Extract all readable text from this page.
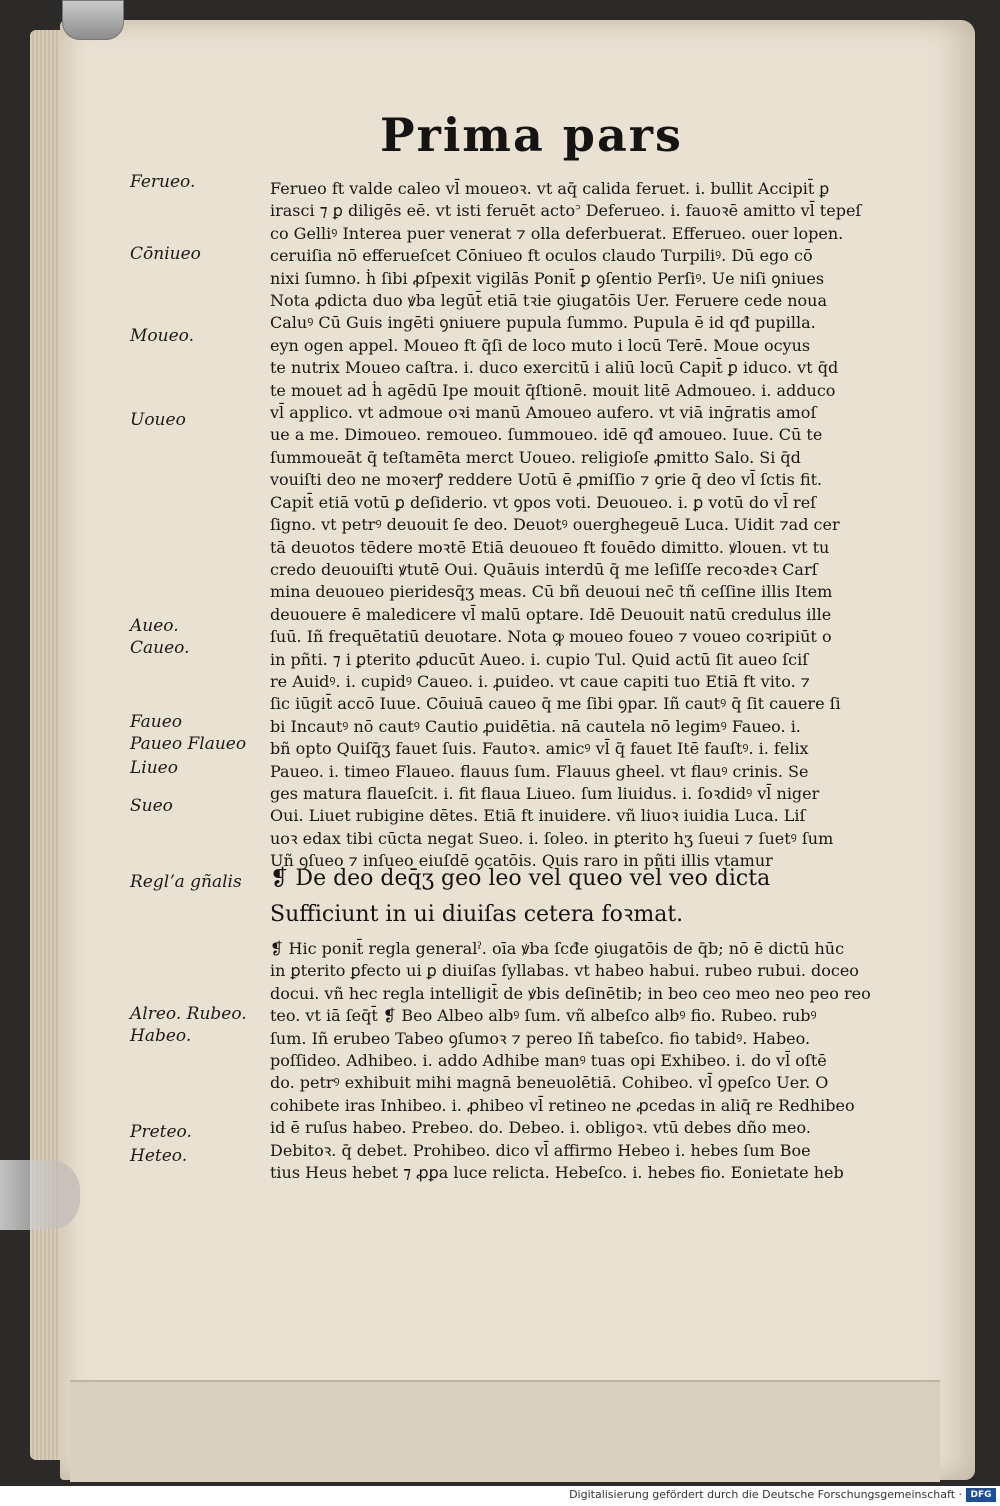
Prima pars
Ferueo.
Cōniueo
Moueo.
Uoueo
Aueo.
Caueo.
Faueo
Paueo Flaueo
Liueo
Sueo
Reglʼa gñalis
Alreo. Rubeo.
Habeo.
Preteo.
Heteo.
Ferueo ft valde caleo vl̄ moueoꝛ. vt aq̄ calida feruet. i. bullit Accipit̄ ꝑ
irasci ⁊ ꝑ diligēs eē. vt isti feruēt acto꜄ Deferueo. i. fauoꝛē amitto vl̄ tepeſ
co Gelliꝰ Interea puer venerat ⁊ olla deferbuerat. Efferueo. ouer lopen.
ceruiſia nō efferueſcet Cōniueo ft oculos claudo Turpiliꝰ. Dū ego cō
nixi ſumno. ḣ ſibi ꝓſpexit vigilās Ponit̄ ꝑ ꝯſentio Perſiꝰ. Ue niſi ꝯniues
Nota ꝓdicta duo ꝟba legūt̄ etiā tꝛie ꝯiugatōis Uer. Feruere cede noua
Caluꝰ Cū Guis ingēti ꝯniuere pupula ſummo. Pupula ē id qđ pupilla.
eyn ogen appel. Moueo ft q̄ſi de loco muto i locū Terē. Moue ocyus
te nutrix Moueo caſtra. i. duco exercitū i aliū locū Capit̄ ꝑ iduco. vt q̄d
te mouet ad ḣ agēdū Ipe mouit q̄ſtionē. mouit litē Admoueo. i. adduco
vl̄ applico. vt admoue oꝛi manū Amoueo aufero. vt viā inḡratis amoſ
ue a me. Dimoueo. remoueo. ſummoueo. idē qđ amoueo. Iuue. Cū te
ſummoueāt q̄ teſtamēta merct Uoueo. religioſe ꝓmitto Salo. Si q̄d
vouiſti deo ne moꝛerꝭ reddere Uotū ē ꝓmiſſio ⁊ ꝯrie q̄ deo vl̄ ſctis fit.
Capit̄ etiā votū ꝑ deſiderio. vt ꝯpos voti. Deuoueo. i. ꝑ votū do vl̄ reſ
ſigno. vt petrꝰ deuouit ſe deo. Deuotꝰ ouerghegeuē Luca. Uidit ⁊ad cer
tā deuotos tēdere moꝛtē Etiā deuoueo ft fouēdo dimitto. ꝟlouen. vt tu
credo deuouiſti ꝟtutē Oui. Quāuis interdū q̄ me leſiſſe recoꝛdeꝛ Carſ
mina deuoueo pieridesq̄ʒ meas. Cū bñ deuoui nec̄ tñ ceſſine illis Item
deuouere ē maledicere vl̄ malū optare. Idē Deuouit natū credulus ille
ſuū. Iñ frequētatiū deuotare. Nota ꝙ moueo foueo ⁊ voueo coꝛripiūt o
in pñti. ⁊ i ꝑterito ꝓducūt Aueo. i. cupio Tul. Quid actū ſit aueo ſciſ
re Auidꝰ. i. cupidꝰ Caueo. i. ꝓuideo. vt caue capiti tuo Etiā ft vito. ⁊
ſic iūgit̄ accō Iuue. Cōuiuā caueo q̄ me ſibi ꝯpar. Iñ cautꝰ q̄ ſit cauere ſi
bi Incautꝰ nō cautꝰ Cautio ꝓuidētia. nā cautela nō legimꝰ Faueo. i.
bñ opto Quiſq̄ʒ fauet ſuis. Fautoꝛ. amicꝰ vl̄ q̄ fauet Itē fauſtꝰ. i. felix
Paueo. i. timeo Flaueo. flauus ſum. Flauus gheel. vt flauꝰ crinis. Se
ges matura flaueſcit. i. fit flaua Liueo. ſum liuidus. i. ſoꝛdidꝰ vl̄ niger
Oui. Liuet rubigine dētes. Etiā ft inuidere. vñ liuoꝛ iuidia Luca. Liſ
uoꝛ edax tibi cūcta negat Sueo. i. ſoleo. in ꝑterito hʒ ſueui ⁊ ſuetꝰ ſum
Uñ ꝯſueo ⁊ inſueo eiuſdē ꝯcatōis. Quis raro in pñti illis vtamur
❡ De deo deq̄ʒ geo leo vel queo vel veo dicta
Sufficiunt in ui diuiſas cetera foꝛmat.
❡ Hic ponit̄ regla generalˀ. oīa ꝟba ſcđe ꝯiugatōis de q̄b; nō ē dictū hūc
in ꝑterito ꝑfecto ui ꝑ diuiſas ſyllabas. vt habeo habui. rubeo rubui. doceo
docui. vñ hec regla intelligit̄ de ꝟbis deſinētib; in beo ceo meo neo peo reo
teo. vt iā ſeq̄t̄ ❡ Beo Albeo albꝰ ſum. vñ albeſco albꝰ fio. Rubeo. rubꝰ
ſum. Iñ erubeo Tabeo ꝯſumoꝛ ⁊ pereo Iñ tabeſco. fio tabidꝰ. Habeo.
poſſideo. Adhibeo. i. addo Adhibe manꝰ tuas opi Exhibeo. i. do vl̄ oſtē
do. petrꝰ exhibuit mihi magnā beneuolētiā. Cohibeo. vl̄ ꝯpeſco Uer. O
cohibete iras Inhibeo. i. ꝓhibeo vl̄ retineo ne ꝓcedas in aliq̄ re Redhibeo
id ē ruſus habeo. Prebeo. do. Debeo. i. obligoꝛ. vtū debes dño meo.
Debitoꝛ. q̄ debet. Prohibeo. dico vl̄ affirmo Hebeo i. hebes ſum Boe
tius Heus hebet ⁊ ꝓꝑa luce relicta. Hebeſco. i. hebes fio. Eonietate heb
Digitalisierung gefördert durch die Deutsche Forschungsgemeinschaft · DFG
